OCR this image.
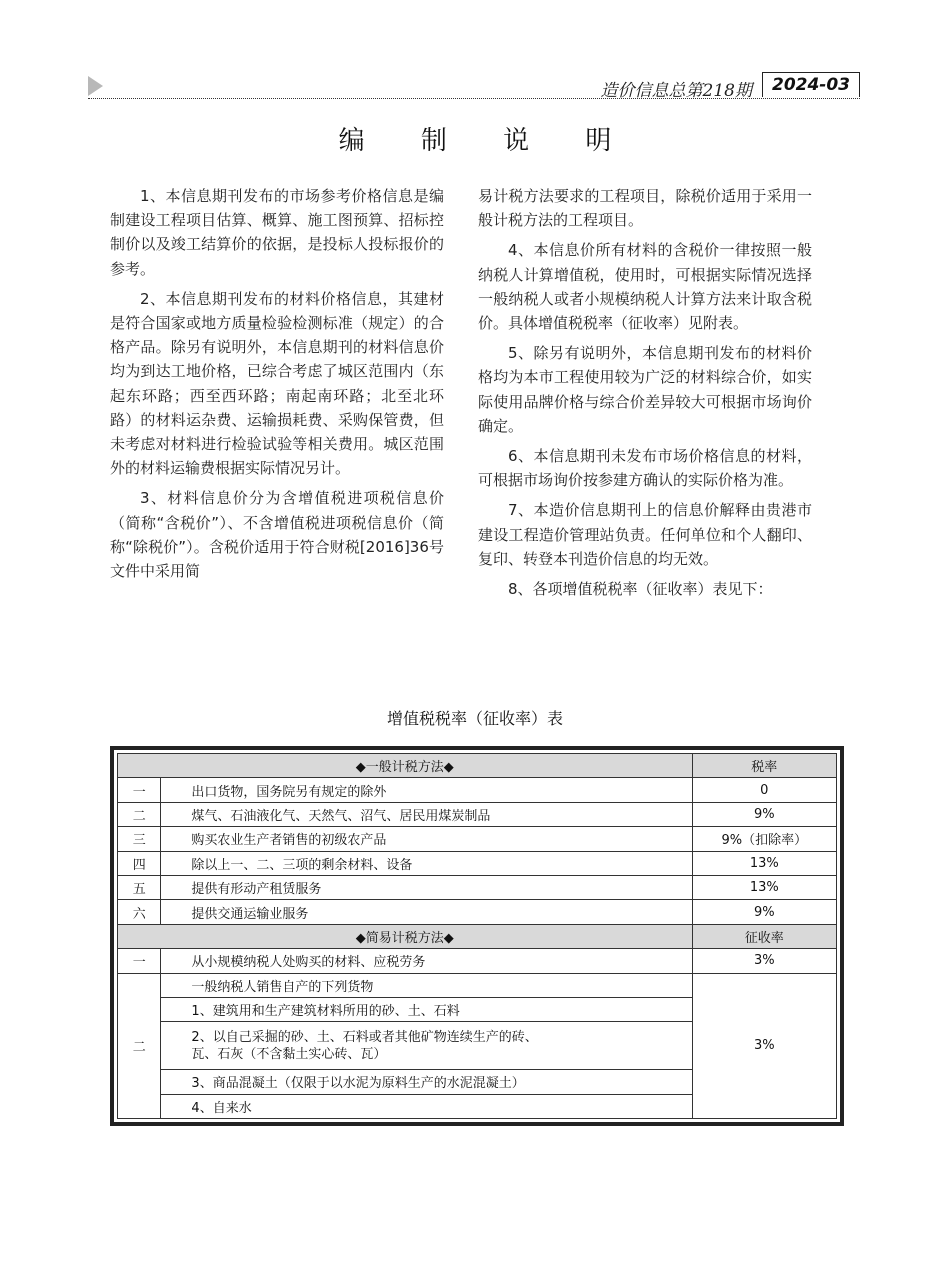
造价信息总第218期	2024-03
编 制 说 明

1、本信息期刊发布的市场参考价格信息是编制建设工程项目估算、概算、施工图预算、招标控制价以及竣工结算价的依据，是投标人投标报价的参考。

2、本信息期刊发布的材料价格信息，其建材是符合国家或地方质量检验检测标准（规定）的合格产品。除另有说明外，本信息期刊的材料信息价均为到达工地价格，已综合考虑了城区范围内（东起东环路；西至西环路；南起南环路；北至北环路）的材料运杂费、运输损耗费、采购保管费，但未考虑对材料进行检验试验等相关费用。城区范围外的材料运输费根据实际情况另计。

3、材料信息价分为含增值税进项税信息价（简称“含税价”）、不含增值税进项税信息价（简称“除税价”）。含税价适用于符合财税[2016]36号文件中采用简

易计税方法要求的工程项目，除税价适用于采用一般计税方法的工程项目。

4、本信息价所有材料的含税价一律按照一般纳税人计算增值税，使用时，可根据实际情况选择一般纳税人或者小规模纳税人计算方法来计取含税价。具体增值税税率（征收率）见附表。

5、除另有说明外，本信息期刊发布的材料价格均为本市工程使用较为广泛的材料综合价，如实际使用品牌价格与综合价差异较大可根据市场询价确定。

6、本信息期刊未发布市场价格信息的材料，可根据市场询价按参建方确认的实际价格为准。

7、本造价信息期刊上的信息价解释由贵港市建设工程造价管理站负责。任何单位和个人翻印、复印、转登本刊造价信息的均无效。

8、各项增值税税率（征收率）表见下：

增值税税率（征收率）表
◆一般计税方法◆		税率
一	出口货物，国务院另有规定的除外	0
二	煤气、石油液化气、天然气、沼气、居民用煤炭制品	9%
三	购买农业生产者销售的初级农产品	9%（扣除率）
四	除以上一、二、三项的剩余材料、设备	13%
五	提供有形动产租赁服务	13%
六	提供交通运输业服务	9%
◆简易计税方法◆		征收率
一	从小规模纳税人处购买的材料、应税劳务	3%
二	一般纳税人销售自产的下列货物	3%
	1、建筑用和生产建筑材料所用的砂、土、石料	

	2、以自己采掘的砂、土、石料或者其他矿物连续生产的砖、
瓦、石灰（不含黏土实心砖、瓦）	

	3、商品混凝土（仅限于以水泥为原料生产的水泥混凝土）	
	4、自来水	
